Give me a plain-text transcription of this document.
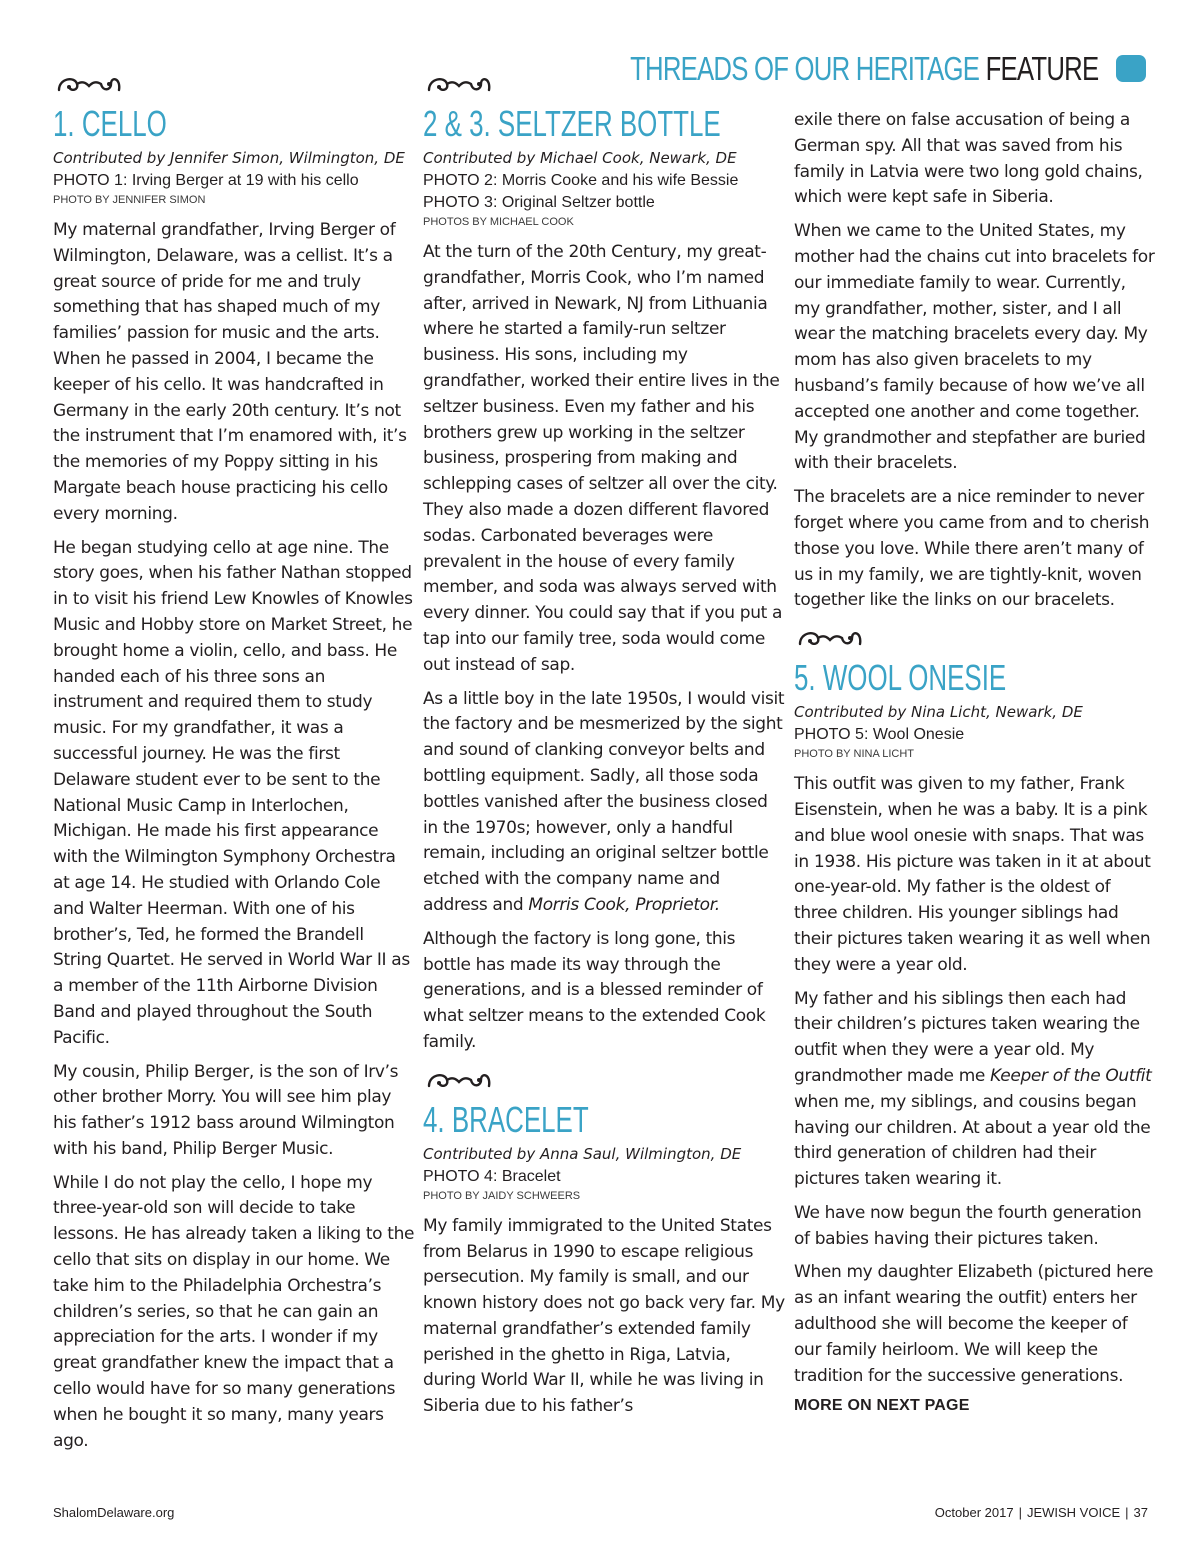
THREADS OF OUR HERITAGE FEATURE
1. CELLO
Contributed by Jennifer Simon, Wilmington, DE
PHOTO 1: Irving Berger at 19 with his cello
PHOTO BY JENNIFER SIMON

My maternal grandfather, Irving Berger of Wilmington, Delaware, was a cellist. It’s a great source of pride for me and truly something that has shaped much of my families’ passion for music and the arts. When he passed in 2004, I became the keeper of his cello. It was handcrafted in Germany in the early 20th century. It’s not the instrument that I’m enamored with, it’s the memories of my Poppy sitting in his Margate beach house practicing his cello every morning.

He began studying cello at age nine. The story goes, when his father Nathan stopped in to visit his friend Lew Knowles of Knowles Music and Hobby store on Market Street, he brought home a violin, cello, and bass. He handed each of his three sons an instrument and required them to study music. For my grandfather, it was a successful journey. He was the first Delaware student ever to be sent to the National Music Camp in Interlochen, Michigan. He made his first appearance with the Wilmington Symphony Orchestra at age 14. He studied with Orlando Cole and Walter Heerman. With one of his brother’s, Ted, he formed the Brandell String Quartet. He served in World War II as a member of the 11th Airborne Division Band and played throughout the South Pacific.

My cousin, Philip Berger, is the son of Irv’s other brother Morry. You will see him play his father’s 1912 bass around Wilmington with his band, Philip Berger Music.

While I do not play the cello, I hope my three-year-old son will decide to take lessons. He has already taken a liking to the cello that sits on display in our home. We take him to the Philadelphia Orchestra’s children’s series, so that he can gain an appreciation for the arts. I wonder if my great grandfather knew the impact that a cello would have for so many generations when he bought it so many, many years ago.

2 & 3. SELTZER BOTTLE
Contributed by Michael Cook, Newark, DE
PHOTO 2: Morris Cooke and his wife Bessie
PHOTO 3: Original Seltzer bottle
PHOTOS BY MICHAEL COOK

At the turn of the 20th Century, my great-grandfather, Morris Cook, who I’m named after, arrived in Newark, NJ from Lithuania where he started a family-run seltzer business. His sons, including my grandfather, worked their entire lives in the seltzer business. Even my father and his brothers grew up working in the seltzer business, prospering from making and schlepping cases of seltzer all over the city. They also made a dozen different flavored sodas. Carbonated beverages were prevalent in the house of every family member, and soda was always served with every dinner. You could say that if you put a tap into our family tree, soda would come out instead of sap.

As a little boy in the late 1950s, I would visit the factory and be mesmerized by the sight and sound of clanking conveyor belts and bottling equipment. Sadly, all those soda bottles vanished after the business closed in the 1970s; however, only a handful remain, including an original seltzer bottle etched with the company name and address and Morris Cook, Proprietor.

Although the factory is long gone, this bottle has made its way through the generations, and is a blessed reminder of what seltzer means to the extended Cook family.

4. BRACELET
Contributed by Anna Saul, Wilmington, DE
PHOTO 4: Bracelet
PHOTO BY JAIDY SCHWEERS

My family immigrated to the United States from Belarus in 1990 to escape religious persecution. My family is small, and our known history does not go back very far. My maternal grandfather’s extended family perished in the ghetto in Riga, Latvia, during World War II, while he was living in Siberia due to his father’s

exile there on false accusation of being a German spy. All that was saved from his family in Latvia were two long gold chains, which were kept safe in Siberia.

When we came to the United States, my mother had the chains cut into bracelets for our immediate family to wear. Currently, my grandfather, mother, sister, and I all wear the matching bracelets every day. My mom has also given bracelets to my husband’s family because of how we’ve all accepted one another and come together. My grandmother and stepfather are buried with their bracelets.

The bracelets are a nice reminder to never forget where you came from and to cherish those you love. While there aren’t many of us in my family, we are tightly-knit, woven together like the links on our bracelets.

5. WOOL ONESIE
Contributed by Nina Licht, Newark, DE
PHOTO 5: Wool Onesie
PHOTO BY NINA LICHT

This outfit was given to my father, Frank Eisenstein, when he was a baby. It is a pink and blue wool onesie with snaps. That was in 1938. His picture was taken in it at about one-year-old. My father is the oldest of three children. His younger siblings had their pictures taken wearing it as well when they were a year old.

My father and his siblings then each had their children’s pictures taken wearing the outfit when they were a year old. My grandmother made me Keeper of the Outfit when me, my siblings, and cousins began having our children. At about a year old the third generation of children had their pictures taken wearing it.

We have now begun the fourth generation of babies having their pictures taken.

When my daughter Elizabeth (pictured here as an infant wearing the outfit) enters her adulthood she will become the keeper of our family heirloom. We will keep the tradition for the successive generations.

MORE ON NEXT PAGE
ShalomDelaware.org	October 2017 | JEWISH VOICE | 37
